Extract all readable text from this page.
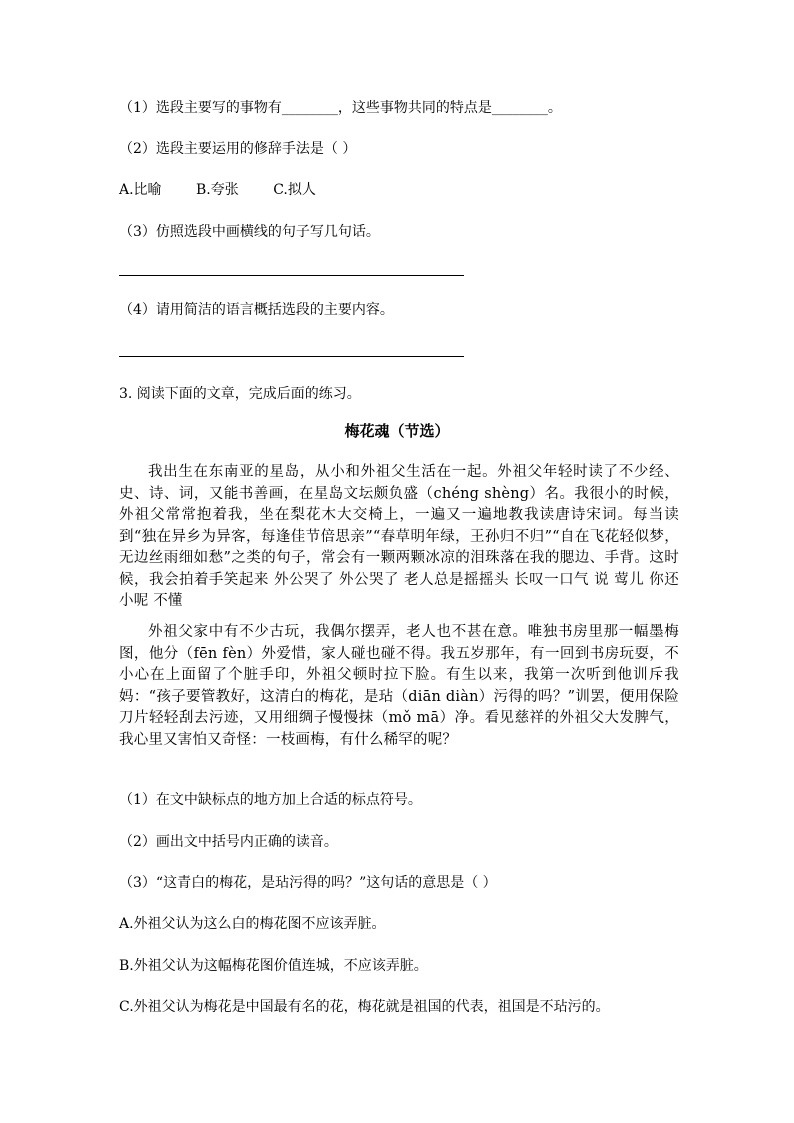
（1）选段主要写的事物有________，这些事物共同的特点是________。
（2）选段主要运用的修辞手法是（ ）
A.比喻 B.夸张 C.拟人
（3）仿照选段中画横线的句子写几句话。
（4）请用简洁的语言概括选段的主要内容。
3. 阅读下面的文章，完成后面的练习。
梅花魂（节选）
我出生在东南亚的星岛，从小和外祖父生活在一起。外祖父年轻时读了不少经、史、诗、词，又能书善画，在星岛文坛颇负盛（chéng shèng）名。我很小的时候，外祖父常常抱着我，坐在梨花木大交椅上，一遍又一遍地教我读唐诗宋词。每当读到“独在异乡为异客，每逢佳节倍思亲”“春草明年绿，王孙归不归”“自在飞花轻似梦，无边丝雨细如愁”之类的句子，常会有一颗两颗冰凉的泪珠落在我的腮边、手背。这时候，我会拍着手笑起来 外公哭了 外公哭了 老人总是摇摇头 长叹一口气 说 莺儿 你还小呢 不懂
外祖父家中有不少古玩，我偶尔摆弄，老人也不甚在意。唯独书房里那一幅墨梅图，他分（fēn fèn）外爱惜，家人碰也碰不得。我五岁那年，有一回到书房玩耍，不小心在上面留了个脏手印，外祖父顿时拉下脸。有生以来，我第一次听到他训斥我妈：“孩子要管教好，这清白的梅花，是玷（diān diàn）污得的吗？”训罢，便用保险刀片轻轻刮去污迹，又用细绸子慢慢抹（mǒ mā）净。看见慈祥的外祖父大发脾气，我心里又害怕又奇怪：一枝画梅，有什么稀罕的呢？
（1）在文中缺标点的地方加上合适的标点符号。
（2）画出文中括号内正确的读音。
（3）“这青白的梅花，是玷污得的吗？”这句话的意思是（ ）
A.外祖父认为这么白的梅花图不应该弄脏。
B.外祖父认为这幅梅花图价值连城，不应该弄脏。
C.外祖父认为梅花是中国最有名的花，梅花就是祖国的代表，祖国是不玷污的。
